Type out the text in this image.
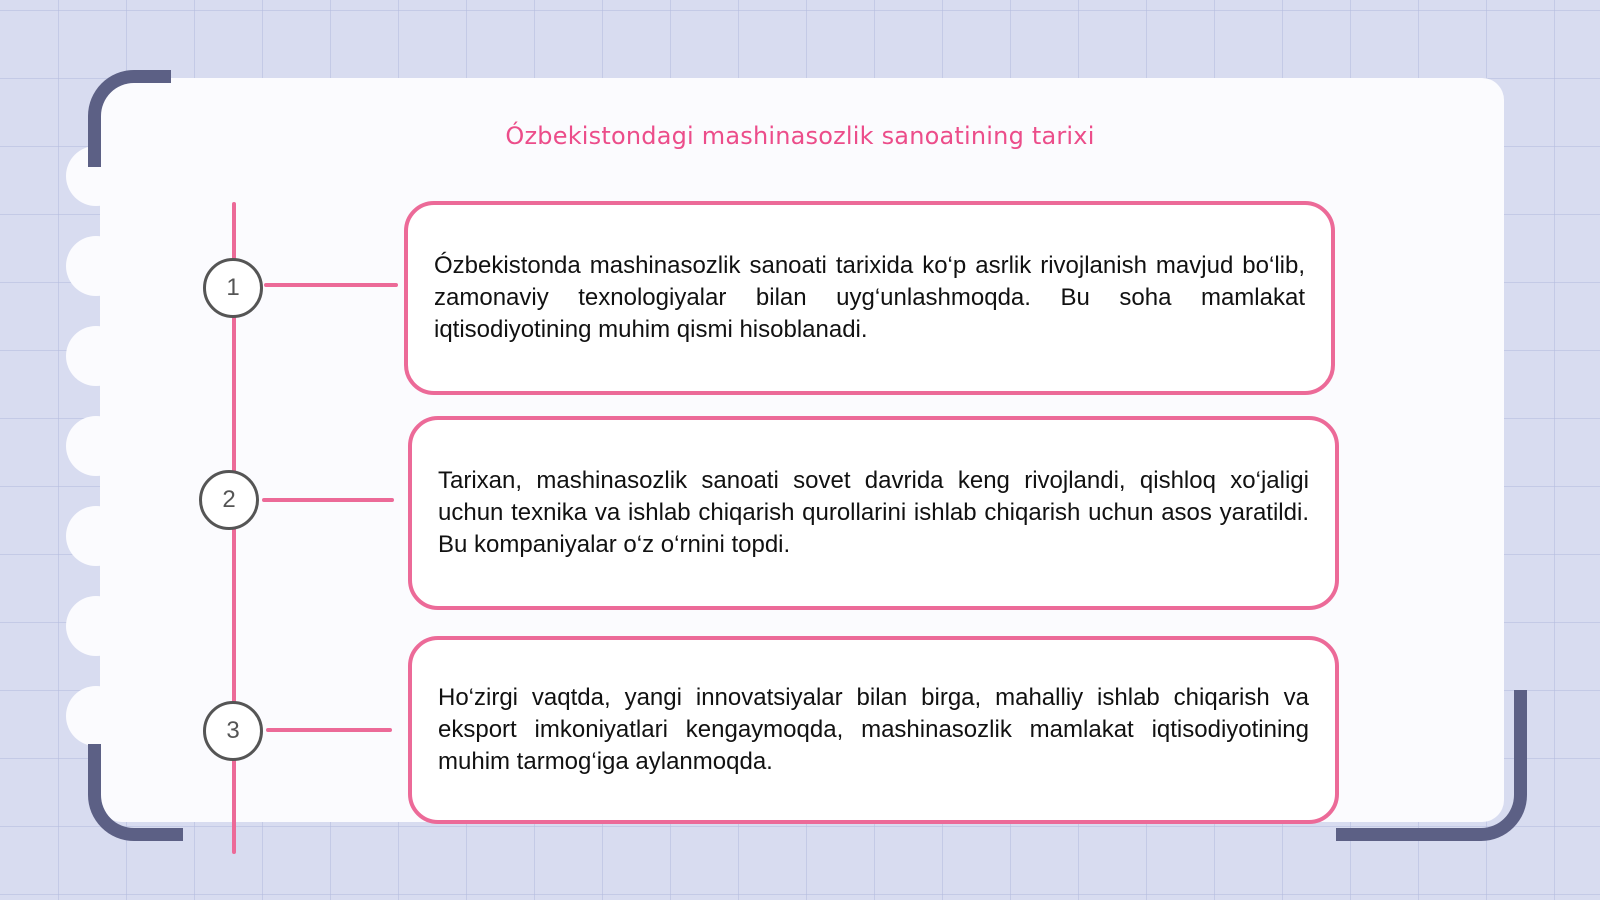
Ózbekistondagi mashinasozlik sanoatining tarixi
1
2
3

Ózbekistonda mashinasozlik sanoati tarixida ko‘p asrlik rivojlanish mavjud bo‘lib, zamonaviy texnologiyalar bilan uyg‘unlashmoqda. Bu soha mamlakat iqtisodiyotining muhim qismi hisoblanadi.

Tarixan, mashinasozlik sanoati sovet davrida keng rivojlandi, qishloq xo‘jaligi uchun texnika va ishlab chiqarish qurollarini ishlab chiqarish uchun asos yaratildi. Bu kompaniyalar o‘z o‘rnini topdi.

Ho‘zirgi vaqtda, yangi innovatsiyalar bilan birga, mahalliy ishlab chiqarish va eksport imkoniyatlari kengaymoqda, mashinasozlik mamlakat iqtisodiyotining muhim tarmog‘iga aylanmoqda.
